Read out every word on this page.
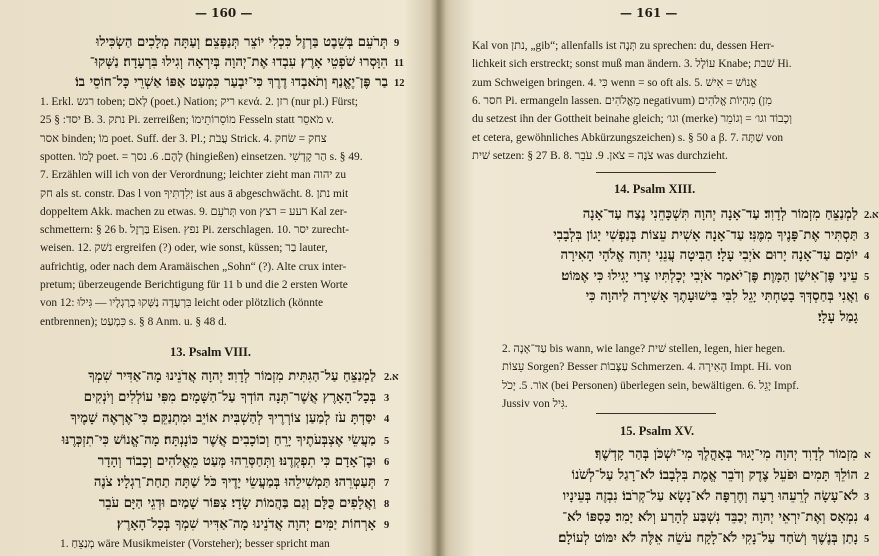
— 160 —
תְּרֹעֵם בְּשֵׁבֶט בַּרְזֶל כִּכְלִי יוֹצֵר תְּנַפְּצֵם׃ וְעַתָּה מְלָכִים הַשְׂכִּילוּ 9
הִוָּסְרוּ שֹׁפְטֵי אָרֶץ׃ עִבְדוּ אֶת־יְהוָה בְּיִרְאָה וְגִילוּ בִּרְעָדָה׃ נַשְּׁקוּ־ 11
בַר פֶּן־יֶאֱנַף וְתֹאבְדוּ דֶרֶךְ כִּי־יִבְעַר כִּמְעַט אַפּוֹ אַשְׁרֵי כָּל־חוֹסֵי בוֹ׃ 12
1. Erkl. רגש toben; לְאֹם (poet.) Nation; ריק κενά. 2. רזן (nur pl.) Fürst;
יסד: § 25 B. 3. נתק Pi. zerreißen; מוֹסֵרוֹתֵימוֹ Fesseln statt מֹאסֵר v.
אסר binden; מוֹ poet. Suff. der 3. Pl.; עֲבֹת Strick. 4. צחק = שׂחק
spotten. לָמוֹ poet. = לָהֶם. 6. נסך (hingießen) einsetzen. הַר קָדְשִׁי s. § 49.
7. Erzählen will ich von der Verordnung; leichter zieht man יהוה zu
חק als st. constr. Das l von יְלִדְתִּיךָ ist aus ā abgeschwächt. 8. נתן mit
doppeltem Akk. machen zu etwas. 9. תְּרֹעֵם von רעע = רצץ Kal zer-
schmettern: § 26 b. בַּרְזֶל Eisen. נפץ Pi. zerschlagen. 10. יסר zurecht-
weisen. 12. נשׁק ergreifen (?) oder, wie sonst, küssen; בַר lauter,
aufrichtig, oder nach dem Aramäischen „Sohn“ (?). Alte crux inter-
pretum; überzeugende Berichtigung für 11 b und die 2 ersten Worte
von 12: בִּרְעָדָה נַשְּׁקוּ בְרַגְלָיו — גִּילוּ leicht oder plötzlich (könnte
entbrennen); כִּמְעַט s. § 8 Anm. u. § 48 d.
13. Psalm VIII.
לַמְנַצֵּחַ עַל־הַגִּתִּית מִזְמוֹר לְדָוִד׃ יְהוָה אֲדֹנֵינוּ מָה־אַדִּיר שִׁמְךָ 2.א
בְּכָל־הָאָרֶץ אֲשֶׁר־תְּנָה הוֹדְךָ עַל־הַשָּׁמָיִם׃ מִפִּי עוֹלְלִים וְיֹנְקִים 3
יִסַּדְתָּ עֹז לְמַעַן צוֹרְרֶיךָ לְהַשְׁבִּית אוֹיֵב וּמִתְנַקֵּם׃ כִּי־אֶרְאֶה שָׁמֶיךָ 4
מַעֲשֵׂי אֶצְבְּעֹתֶיךָ יָרֵחַ וְכוֹכָבִים אֲשֶׁר כּוֹנָנְתָּה׃ מָה־אֱנוֹשׁ כִּי־תִזְכְּרֶנּוּ 5
וּבֶן־אָדָם כִּי תִפְקְדֶנּוּ׃ וַתְּחַסְּרֵהוּ מְּעַט מֵאֱלֹהִים וְכָבוֹד וְהָדָר 6
תְּעַטְּרֵהוּ׃ תַּמְשִׁילֵהוּ בְּמַעֲשֵׂי יָדֶיךָ כֹּל שַׁתָּה תַחַת־רַגְלָיו׃ צֹנֶה 7
וַאֲלָפִים כֻּלָּם וְגַם בַּהֲמוֹת שָׂדָי׃ צִפּוֹר שָׁמַיִם וּדְגֵי הַיָּם עֹבֵר 8
אָרְחוֹת יַמִּים׃ יְהוָה אֲדֹנֵינוּ מָה־אַדִּיר שִׁמְךָ בְּכָל־הָאָרֶץ׃ 9
1. מְנַצֵּחַ wäre Musikmeister (Vorsteher); besser spricht man
— 161 —
Kal von נתן, „gib“; allenfalls ist תְּנָה zu sprechen: du, dessen Herr-
lichkeit sich erstreckt; sonst muß man ändern. 3. עוֹלָל Knabe; שׁבת Hi.
zum Schweigen bringen. 4. כִּי wenn = so oft als. 5. אֱנוֹשׁ = אִישׁ
6. חסר Pi. ermangeln lassen. מֵאֱלֹהִים negativum) מִן) מִהְיוֹת אֱלֹהִים
du setzest ihn der Gottheit beinahe gleich; וגו׳ (merke) וְכָבוֹד וגו׳ = וְגוֹמֵר
et cetera, gewöhnliches Abkürzungszeichen) s. § 50 a β. 7. שַׁתָּה von
שׁית setzen: § 27 B. 8. צֹנֶה = צֹאן. 9. עֹבֵר was durchzieht.
14. Psalm XIII.
לַמְנַצֵּחַ מִזְמוֹר לְדָוִד׃ עַד־אָנָה יְהוָה תִּשְׁכָּחֵנִי נֶצַח עַד־אָנָה 2.א
תַּסְתִּיר אֶת־פָּנֶיךָ מִמֶּנִּי׃ עַד־אָנָה אָשִׁית עֵצוֹת בְּנַפְשִׁי יָגוֹן בִּלְבָבִי 3
יוֹמָם עַד־אָנָה יָרוּם אֹיְבִי עָלָי׃ הַבִּיטָה עֲנֵנִי יְהוָה אֱלֹהָי הָאִירָה 4
עֵינַי פֶּן־אִישַׁן הַמָּוֶת׃ פֶּן־יֹאמַר אֹיְבִי יְכָלְתִּיו צָרַי יָגִילוּ כִּי אֶמּוֹט׃ 5
וַאֲנִי בְּחַסְדְּךָ בָטַחְתִּי יָגֵל לִבִּי בִּישׁוּעָתֶךָ אָשִׁירָה לַיהוָה כִּי 6
גָמַל עָלָי׃
2. עַד־אָנָה bis wann, wie lange? שׁית stellen, legen, hier hegen.
עֵצוֹת Sorgen? Besser עַצָּבוֹת Schmerzen. 4. הָאִירָה Impt. Hi. von
אוֹר. 5. יָכֹל (bei Personen) überlegen sein, bewältigen. 6. יָגֵל Impf.
Jussiv von גִּיל.
15. Psalm XV.
מִזְמוֹר לְדָוִד יְהוָה מִי־יָגוּר בְּאָהֳלֶךָ מִי־יִשְׁכֹּן בְּהַר קָדְשֶׁךָ׃ א
הוֹלֵךְ תָּמִים וּפֹעֵל צֶדֶק וְדֹבֵר אֱמֶת בִּלְבָבוֹ׃ לֹא־רָגַל עַל־לְשֹׁנוֹ 2
לֹא־עָשָׂה לְרֵעֵהוּ רָעָה וְחֶרְפָּה לֹא־נָשָׂא עַל־קְרֹבוֹ׃ נִבְזֶה בְּעֵינָיו 3
נִמְאָס וְאֶת־יִרְאֵי יְהוָה יְכַבֵּד נִשְׁבַּע לְהָרַע וְלֹא יָמִר׃ כַּסְפּוֹ לֹא־ 4
נָתַן בְּנֶשֶׁךְ וְשֹׁחַד עַל־נָקִי לֹא־לָקָח עֹשֵׂה אֵלֶּה לֹא יִמּוֹט לְעוֹלָם׃ 5
